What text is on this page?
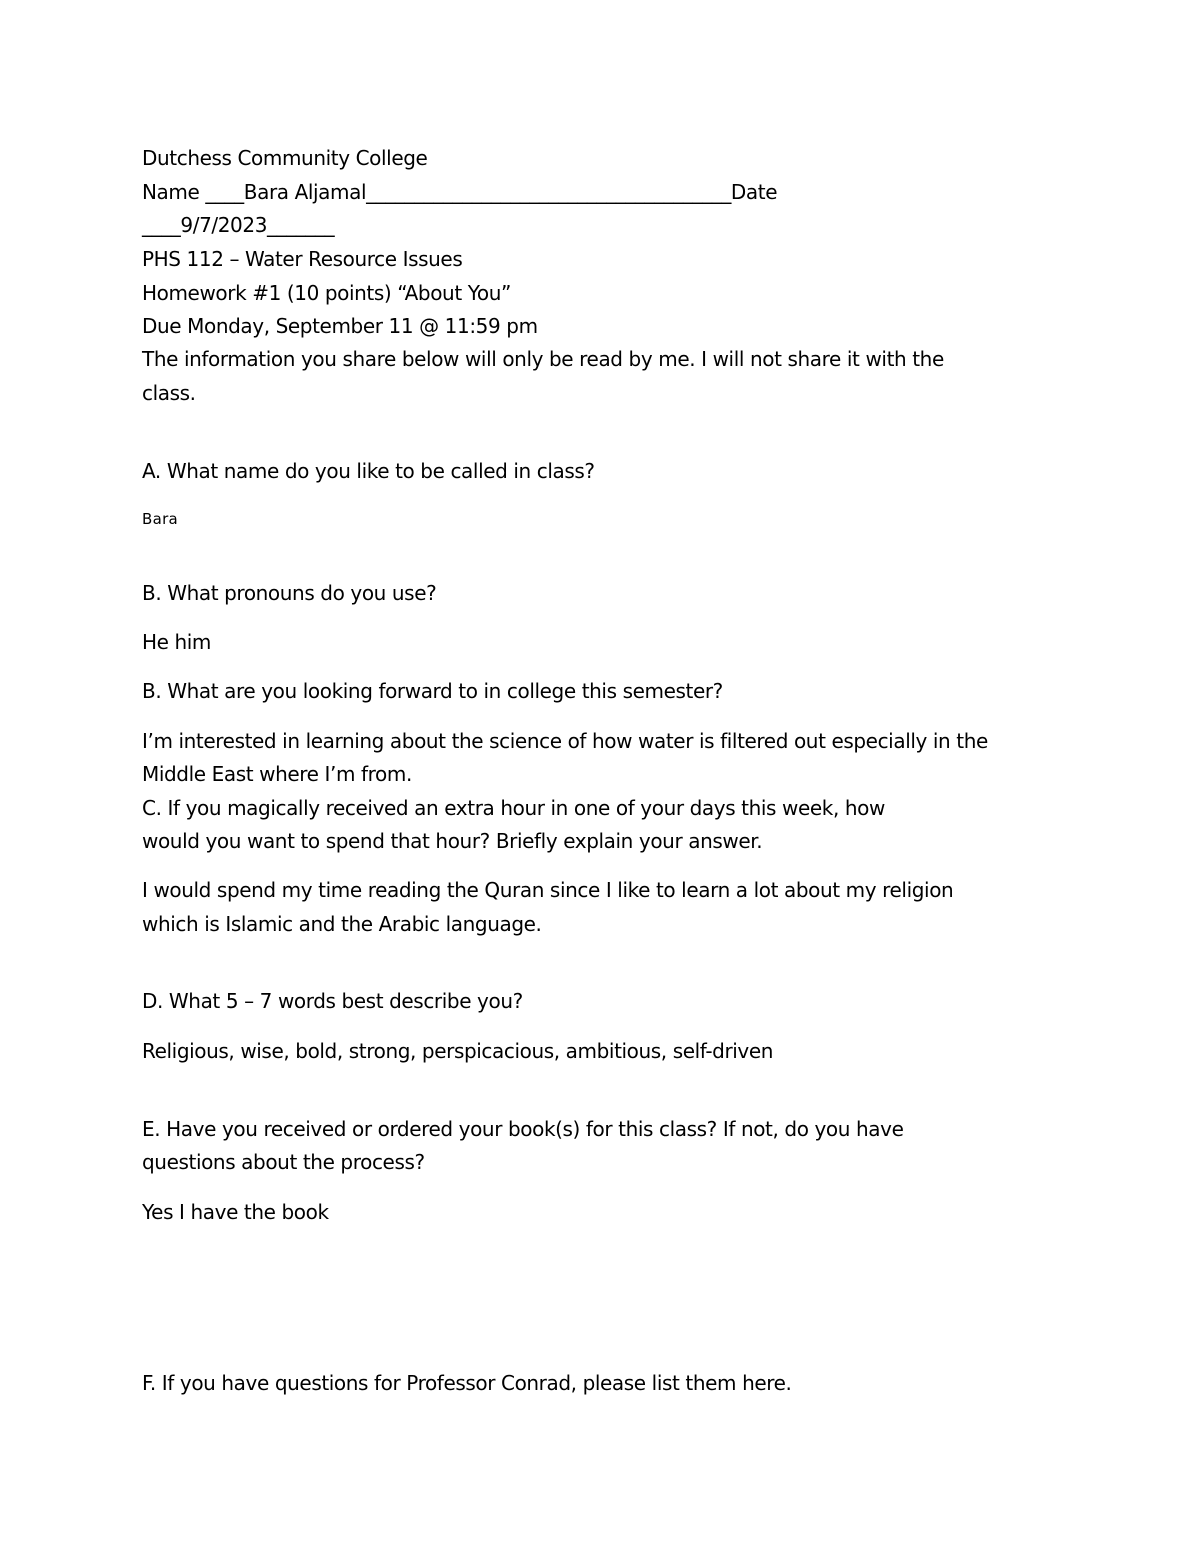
Dutchess Community College

Name ____Bara Aljamal______________________________________Date

____9/7/2023_______

PHS 112 – Water Resource Issues

Homework #1 (10 points) “About You”

Due Monday, September 11 @ 11:59 pm

The information you share below will only be read by me. I will not share it with the

class.

A. What name do you like to be called in class?

Bara

B. What pronouns do you use?

He him

B. What are you looking forward to in college this semester?

I’m interested in learning about the science of how water is filtered out especially in the

Middle East where I’m from.

C. If you magically received an extra hour in one of your days this week, how

would you want to spend that hour? Briefly explain your answer.

I would spend my time reading the Quran since I like to learn a lot about my religion

which is Islamic and the Arabic language.

D. What 5 – 7 words best describe you?

Religious, wise, bold, strong, perspicacious, ambitious, self-driven

E. Have you received or ordered your book(s) for this class? If not, do you have

questions about the process?

Yes I have the book

F. If you have questions for Professor Conrad, please list them here.
